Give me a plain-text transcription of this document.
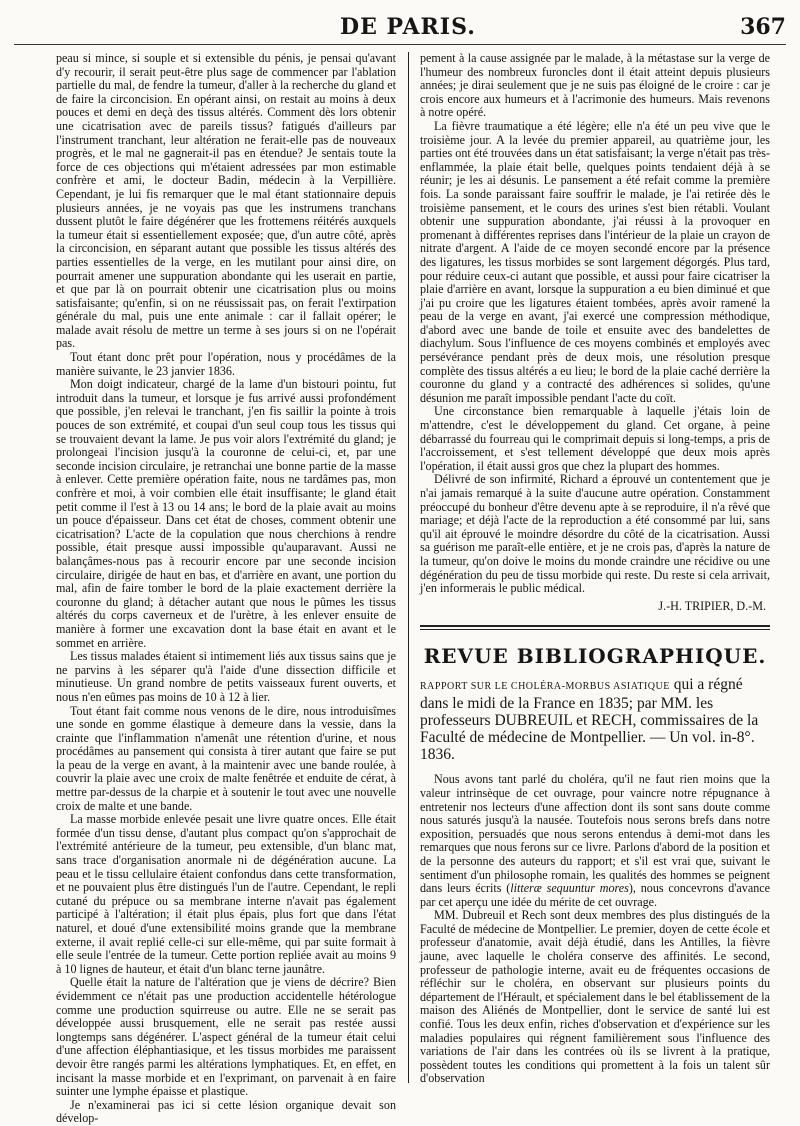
DE PARIS.	367

peau si mince, si souple et si extensible du pénis, je pensai qu'avant d'y recourir, il serait peut-être plus sage de commencer par l'ablation partielle du mal, de fendre la tumeur, d'aller à la recherche du gland et de faire la circoncision. En opérant ainsi, on restait au moins à deux pouces et demi en deçà des tissus altérés. Comment dès lors obtenir une cicatrisation avec de pareils tissus? fatigués d'ailleurs par l'instrument tranchant, leur altération ne ferait-elle pas de nouveaux progrès, et le mal ne gagnerait-il pas en étendue? Je sentais toute la force de ces objections qui m'étaient adressées par mon estimable confrère et ami, le docteur Badin, médecin à la Verpillière. Cependant, je lui fis remarquer que le mal étant stationnaire depuis plusieurs années, je ne voyais pas que les instrumens tranchans dussent plutôt le faire dégénérer que les frottemens réitérés auxquels la tumeur était si essentiellement exposée; que, d'un autre côté, après la circoncision, en séparant autant que possible les tissus altérés des parties essentielles de la verge, en les mutilant pour ainsi dire, on pourrait amener une suppuration abondante qui les userait en partie, et que par là on pourrait obtenir une cicatrisation plus ou moins satisfaisante; qu'enfin, si on ne réussissait pas, on ferait l'extirpation générale du mal, puis une ente animale : car il fallait opérer; le malade avait résolu de mettre un terme à ses jours si on ne l'opérait pas.

Tout étant donc prêt pour l'opération, nous y procédâmes de la manière suivante, le 23 janvier 1836.

Mon doigt indicateur, chargé de la lame d'un bistouri pointu, fut introduit dans la tumeur, et lorsque je fus arrivé aussi profondément que possible, j'en relevai le tranchant, j'en fis saillir la pointe à trois pouces de son extrémité, et coupai d'un seul coup tous les tissus qui se trouvaient devant la lame. Je pus voir alors l'extrémité du gland; je prolongeai l'incision jusqu'à la couronne de celui-ci, et, par une seconde incision circulaire, je retranchai une bonne partie de la masse à enlever. Cette première opération faite, nous ne tardâmes pas, mon confrère et moi, à voir combien elle était insuffisante; le gland était petit comme il l'est à 13 ou 14 ans; le bord de la plaie avait au moins un pouce d'épaisseur. Dans cet état de choses, comment obtenir une cicatrisation? L'acte de la copulation que nous cherchions à rendre possible, était presque aussi impossible qu'auparavant. Aussi ne balançâmes-nous pas à recourir encore par une seconde incision circulaire, dirigée de haut en bas, et d'arrière en avant, une portion du mal, afin de faire tomber le bord de la plaie exactement derrière la couronne du gland; à détacher autant que nous le pûmes les tissus altérés du corps caverneux et de l'urètre, à les enlever ensuite de manière à former une excavation dont la base était en avant et le sommet en arrière.

Les tissus malades étaient si intimement liés aux tissus sains que je ne parvins à les séparer qu'à l'aide d'une dissection difficile et minutieuse. Un grand nombre de petits vaisseaux furent ouverts, et nous n'en eûmes pas moins de 10 à 12 à lier.

Tout étant fait comme nous venons de le dire, nous introduisîmes une sonde en gomme élastique à demeure dans la vessie, dans la crainte que l'inflammation n'amenât une rétention d'urine, et nous procédâmes au pansement qui consista à tirer autant que faire se put la peau de la verge en avant, à la maintenir avec une bande roulée, à couvrir la plaie avec une croix de malte fenêtrée et enduite de cérat, à mettre par-dessus de la charpie et à soutenir le tout avec une nouvelle croix de malte et une bande.

La masse morbide enlevée pesait une livre quatre onces. Elle était formée d'un tissu dense, d'autant plus compact qu'on s'approchait de l'extrémité antérieure de la tumeur, peu extensible, d'un blanc mat, sans trace d'organisation anormale ni de dégénération aucune. La peau et le tissu cellulaire étaient confondus dans cette transformation, et ne pouvaient plus être distingués l'un de l'autre. Cependant, le repli cutané du prépuce ou sa membrane interne n'avait pas également participé à l'altération; il était plus épais, plus fort que dans l'état naturel, et doué d'une extensibilité moins grande que la membrane externe, il avait replié celle-ci sur elle-même, qui par suite formait à elle seule l'entrée de la tumeur. Cette portion repliée avait au moins 9 à 10 lignes de hauteur, et était d'un blanc terne jaunâtre.

Quelle était la nature de l'altération que je viens de décrire? Bien évidemment ce n'était pas une production accidentelle hétérologue comme une production squirreuse ou autre. Elle ne se serait pas développée aussi brusquement, elle ne serait pas restée aussi longtemps sans dégénérer. L'aspect général de la tumeur était celui d'une affection éléphantiasique, et les tissus morbides me paraissent devoir être rangés parmi les altérations lymphatiques. Et, en effet, en incisant la masse morbide et en l'exprimant, on parvenait à en faire suinter une lymphe épaisse et plastique.

Je n'examinerai pas ici si cette lésion organique devait son dévelop-

pement à la cause assignée par le malade, à la métastase sur la verge de l'humeur des nombreux furoncles dont il était atteint depuis plusieurs années; je dirai seulement que je ne suis pas éloigné de le croire : car je crois encore aux humeurs et à l'acrimonie des humeurs. Mais revenons à notre opéré.

La fièvre traumatique a été légère; elle n'a été un peu vive que le troisième jour. A la levée du premier appareil, au quatrième jour, les parties ont été trouvées dans un état satisfaisant; la verge n'était pas très-enflammée, la plaie était belle, quelques points tendaient déjà à se réunir; je les ai désunis. Le pansement a été refait comme la première fois. La sonde paraissant faire souffrir le malade, je l'ai retirée dès le troisième pansement, et le cours des urines s'est bien rétabli. Voulant obtenir une suppuration abondante, j'ai réussi à la provoquer en promenant à différentes reprises dans l'intérieur de la plaie un crayon de nitrate d'argent. A l'aide de ce moyen secondé encore par la présence des ligatures, les tissus morbides se sont largement dégorgés. Plus tard, pour réduire ceux-ci autant que possible, et aussi pour faire cicatriser la plaie d'arrière en avant, lorsque la suppuration a eu bien diminué et que j'ai pu croire que les ligatures étaient tombées, après avoir ramené la peau de la verge en avant, j'ai exercé une compression méthodique, d'abord avec une bande de toile et ensuite avec des bandelettes de diachylum. Sous l'influence de ces moyens combinés et employés avec persévérance pendant près de deux mois, une résolution presque complète des tissus altérés a eu lieu; le bord de la plaie caché derrière la couronne du gland y a contracté des adhérences si solides, qu'une désunion me paraît impossible pendant l'acte du coït.

Une circonstance bien remarquable à laquelle j'étais loin de m'attendre, c'est le développement du gland. Cet organe, à peine débarrassé du fourreau qui le comprimait depuis si long-temps, a pris de l'accroissement, et s'est tellement développé que deux mois après l'opération, il était aussi gros que chez la plupart des hommes.

Délivré de son infirmité, Richard a éprouvé un contentement que je n'ai jamais remarqué à la suite d'aucune autre opération. Constamment préoccupé du bonheur d'être devenu apte à se reproduire, il n'a rêvé que mariage; et déjà l'acte de la reproduction a été consommé par lui, sans qu'il ait éprouvé le moindre désordre du côté de la cicatrisation. Aussi sa guérison me paraît-elle entière, et je ne crois pas, d'après la nature de la tumeur, qu'on doive le moins du monde craindre une récidive ou une dégénération du peu de tissu morbide qui reste. Du reste si cela arrivait, j'en informerais le public médical.

J.-H. TRIPIER, D.-M.
REVUE BIBLIOGRAPHIQUE.
RAPPORT SUR LE CHOLÉRA-MORBUS ASIATIQUE qui a régné dans le midi de la France en 1835; par MM. les professeurs DUBREUIL et RECH, commissaires de la Faculté de médecine de Montpellier. — Un vol. in-8°. 1836.

Nous avons tant parlé du choléra, qu'il ne faut rien moins que la valeur intrinsèque de cet ouvrage, pour vaincre notre répugnance à entretenir nos lecteurs d'une affection dont ils sont sans doute comme nous saturés jusqu'à la nausée. Toutefois nous serons brefs dans notre exposition, persuadés que nous serons entendus à demi-mot dans les remarques que nous ferons sur ce livre. Parlons d'abord de la position et de la personne des auteurs du rapport; et s'il est vrai que, suivant le sentiment d'un philosophe romain, les qualités des hommes se peignent dans leurs écrits (litteræ sequuntur mores), nous concevrons d'avance par cet aperçu une idée du mérite de cet ouvrage.

MM. Dubreuil et Rech sont deux membres des plus distingués de la Faculté de médecine de Montpellier. Le premier, doyen de cette école et professeur d'anatomie, avait déjà étudié, dans les Antilles, la fièvre jaune, avec laquelle le choléra conserve des affinités. Le second, professeur de pathologie interne, avait eu de fréquentes occasions de réfléchir sur le choléra, en observant sur plusieurs points du département de l'Hérault, et spécialement dans le bel établissement de la maison des Aliénés de Montpellier, dont le service de santé lui est confié. Tous les deux enfin, riches d'observation et d'expérience sur les maladies populaires qui régnent familièrement sous l'influence des variations de l'air dans les contrées où ils se livrent à la pratique, possèdent toutes les conditions qui promettent à la fois un talent sûr d'observation
